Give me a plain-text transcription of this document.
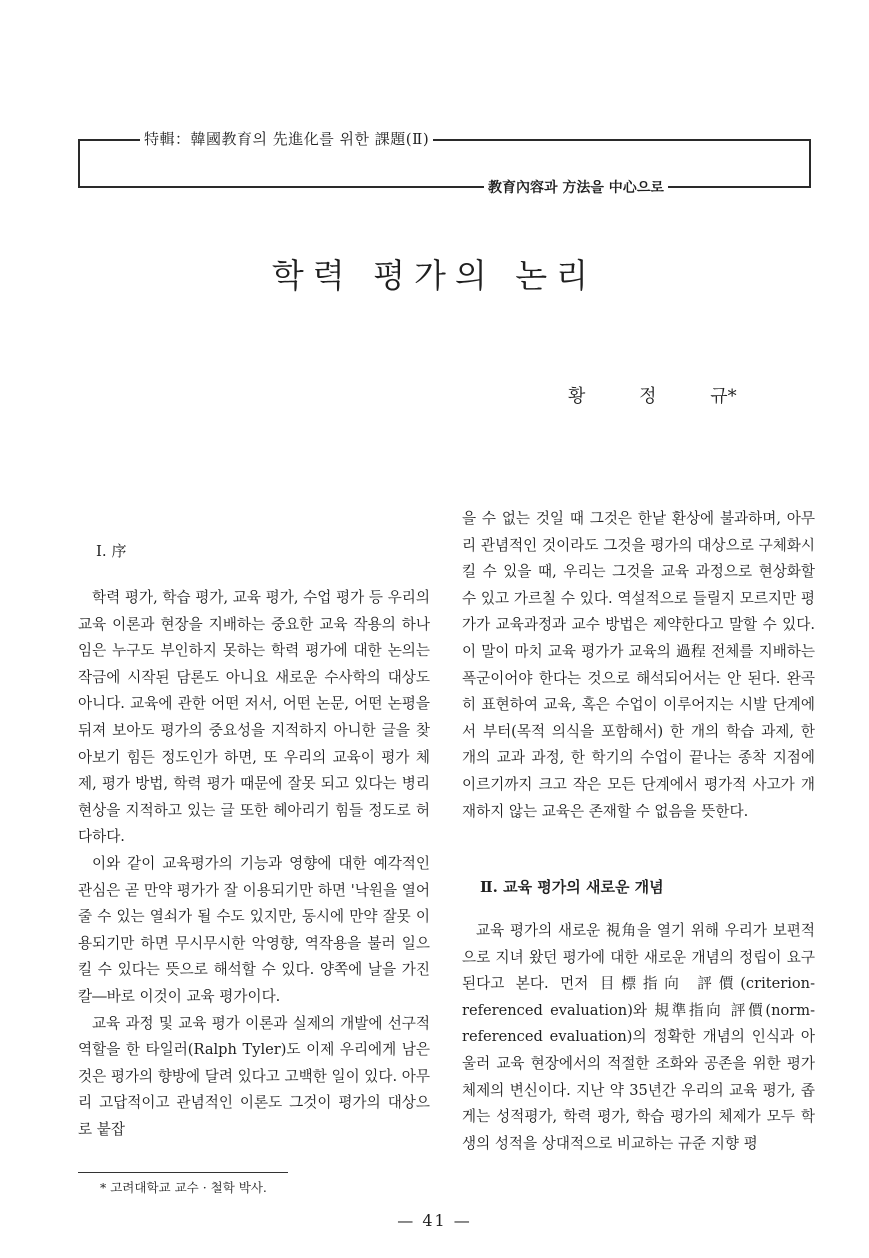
特輯：韓國教育의 先進化를 위한 課題(Ⅱ)
教育內容과 方法을 中心으로
학력 평가의 논리
황 정 규*
Ⅰ. 序

학력 평가, 학습 평가, 교육 평가, 수업 평가 등 우리의 교육 이론과 현장을 지배하는 중요한 교육 작용의 하나임은 누구도 부인하지 못하는 학력 평가에 대한 논의는 작금에 시작된 담론도 아니요 새로운 수사학의 대상도 아니다. 교육에 관한 어떤 저서, 어떤 논문, 어떤 논평을 뒤져 보아도 평가의 중요성을 지적하지 아니한 글을 찾아보기 힘든 정도인가 하면, 또 우리의 교육이 평가 체제, 평가 방법, 학력 평가 때문에 잘못 되고 있다는 병리 현상을 지적하고 있는 글 또한 헤아리기 힘들 정도로 허다하다.

이와 같이 교육평가의 기능과 영향에 대한 예각적인 관심은 곧 만약 평가가 잘 이용되기만 하면 '낙원을 열어 줄 수 있는 열쇠가 될 수도 있지만, 동시에 만약 잘못 이용되기만 하면 무시무시한 악영향, 역작용을 불러 일으킬 수 있다는 뜻으로 해석할 수 있다. 양쪽에 날을 가진 칼―바로 이것이 교육 평가이다.

교육 과정 및 교육 평가 이론과 실제의 개발에 선구적 역할을 한 타일러(Ralph Tyler)도 이제 우리에게 남은 것은 평가의 향방에 달려 있다고 고백한 일이 있다. 아무리 고답적이고 관념적인 이론도 그것이 평가의 대상으로 붙잡

을 수 없는 것일 때 그것은 한낱 환상에 불과하며, 아무리 관념적인 것이라도 그것을 평가의 대상으로 구체화시킬 수 있을 때, 우리는 그것을 교육 과정으로 현상화할 수 있고 가르칠 수 있다. 역설적으로 들릴지 모르지만 평가가 교육과정과 교수 방법은 제약한다고 말할 수 있다. 이 말이 마치 교육 평가가 교육의 過程 전체를 지배하는 폭군이어야 한다는 것으로 해석되어서는 안 된다. 완곡히 표현하여 교육, 혹은 수업이 이루어지는 시발 단계에서 부터(목적 의식을 포함해서) 한 개의 학습 과제, 한 개의 교과 과정, 한 학기의 수업이 끝나는 종착 지점에 이르기까지 크고 작은 모든 단계에서 평가적 사고가 개재하지 않는 교육은 존재할 수 없음을 뜻한다.

Ⅱ. 교육 평가의 새로운 개념

교육 평가의 새로운 視角을 열기 위해 우리가 보편적으로 지녀 왔던 평가에 대한 새로운 개념의 정립이 요구된다고 본다. 먼저 目標指向 評價(criterion-referenced evaluation)와 規準指向 評價(norm-referenced evaluation)의 정확한 개념의 인식과 아울러 교육 현장에서의 적절한 조화와 공존을 위한 평가 체제의 변신이다. 지난 약 35년간 우리의 교육 평가, 좁게는 성적평가, 학력 평가, 학습 평가의 체제가 모두 학생의 성적을 상대적으로 비교하는 규준 지향 평

* 고려대학교 교수 · 철학 박사.
— 41 —
